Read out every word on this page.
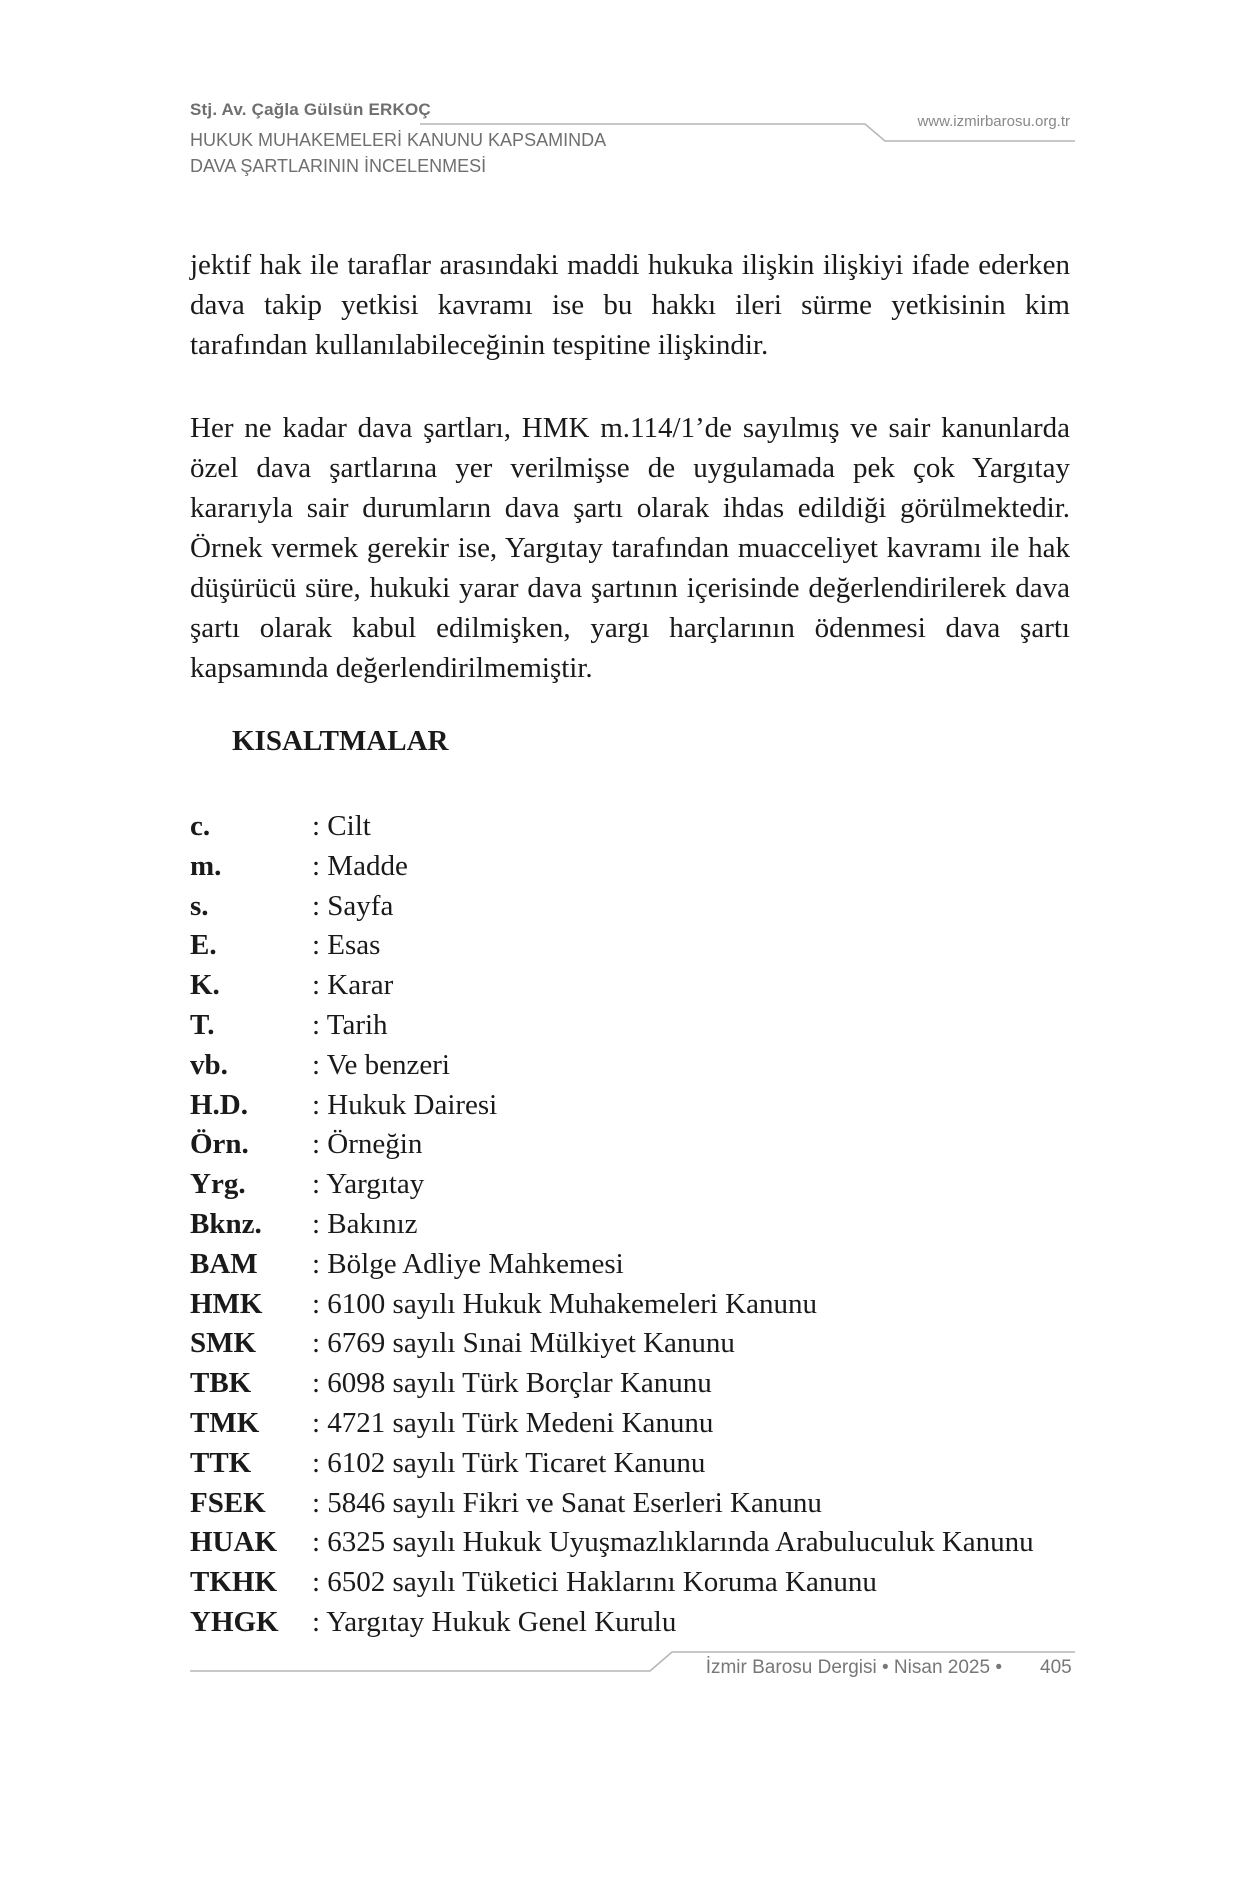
Stj. Av. Çağla Gülsün ERKOÇ
HUKUK MUHAKEMELERİ KANUNU KAPSAMINDA
DAVA ŞARTLARININ İNCELENMESİ
www.izmirbarosu.org.tr
jektif hak ile taraflar arasındaki maddi hukuka ilişkin ilişkiyi ifade ederken dava takip yetkisi kavramı ise bu hakkı ileri sürme yetkisinin kim tarafından kullanılabileceğinin tespitine ilişkindir.
Her ne kadar dava şartları, HMK m.114/1’de sayılmış ve sair kanunlarda özel dava şartlarına yer verilmişse de uygulamada pek çok Yargıtay kararıyla sair durumların dava şartı olarak ihdas edildiği görülmektedir. Örnek vermek gerekir ise, Yargıtay tarafından muacceliyet kavramı ile hak düşürücü süre, hukuki yarar dava şartının içerisinde değerlendirilerek dava şartı olarak kabul edilmişken, yargı harçlarının ödenmesi dava şartı kapsamında değerlendirilmemiştir.
KISALTMALAR
c.	: Cilt
m.	: Madde
s.	: Sayfa
E.	: Esas
K.	: Karar
T.	: Tarih
vb.	: Ve benzeri
H.D. : Hukuk Dairesi
Örn. : Örneğin
Yrg. : Yargıtay
Bknz. : Bakınız
BAM : Bölge Adliye Mahkemesi
HMK : 6100 sayılı Hukuk Muhakemeleri Kanunu
SMK : 6769 sayılı Sınai Mülkiyet Kanunu
TBK : 6098 sayılı Türk Borçlar Kanunu
TMK : 4721 sayılı Türk Medeni Kanunu
TTK : 6102 sayılı Türk Ticaret Kanunu
FSEK : 5846 sayılı Fikri ve Sanat Eserleri Kanunu
HUAK : 6325 sayılı Hukuk Uyuşmazlıklarında Arabuluculuk Kanunu
TKHK : 6502 sayılı Tüketici Haklarını Koruma Kanunu
YHGK : Yargıtay Hukuk Genel Kurulu
İzmir Barosu Dergisi • Nisan 2025 • 405
